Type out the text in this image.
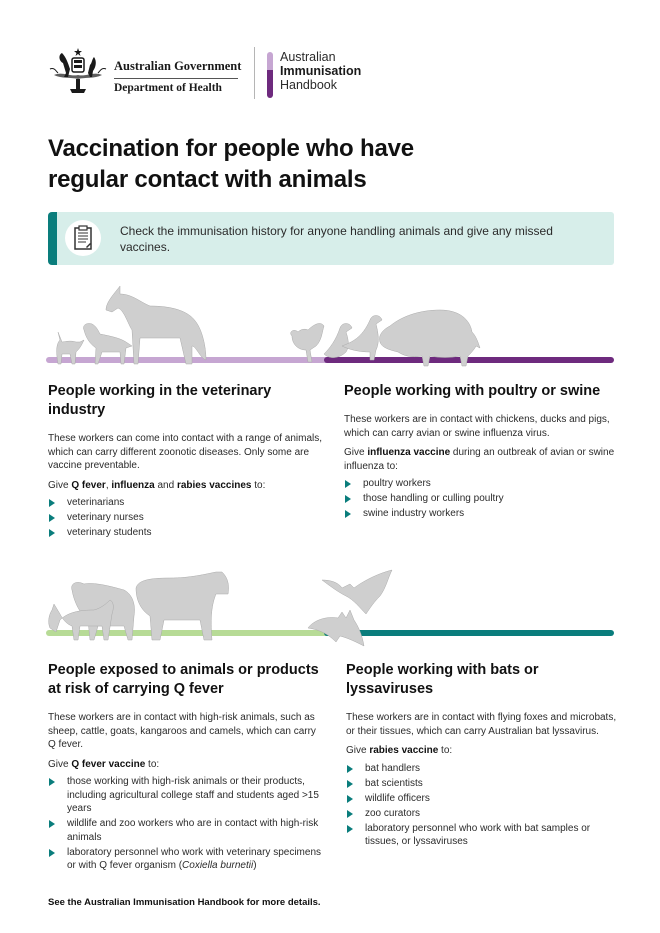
Australian Government
Department of Health
Australian
Immunisation
Handbook
Vaccination for people who have regular contact with animals
Check the immunisation history for anyone handling animals and give any missed vaccines.
People working in the veterinary industry

These workers can come into contact with a range of animals, which can carry different zoonotic diseases. Only some are vaccine preventable.

Give Q fever, influenza and rabies vaccines to:

veterinarians
veterinary nurses
veterinary students
People working with poultry or swine

These workers are in contact with chickens, ducks and pigs, which can carry avian or swine influenza virus.

Give influenza vaccine during an outbreak of avian or swine influenza to:

poultry workers
those handling or culling poultry
swine industry workers
People exposed to animals or products at risk of carrying Q fever

These workers are in contact with high-risk animals, such as sheep, cattle, goats, kangaroos and camels, which can carry Q fever.

Give Q fever vaccine to:

those working with high-risk animals or their products, including agricultural college staff and students aged >15 years
wildlife and zoo workers who are in contact with high-risk animals
laboratory personnel who work with veterinary specimens or with Q fever organism (Coxiella burnetii)
People working with bats or lyssaviruses

These workers are in contact with flying foxes and microbats, or their tissues, which can carry Australian bat lyssavirus.

Give rabies vaccine to:

bat handlers
bat scientists
wildlife officers
zoo curators
laboratory personnel who work with bat samples or tissues, or lyssaviruses

See the Australian Immunisation Handbook for more details.
